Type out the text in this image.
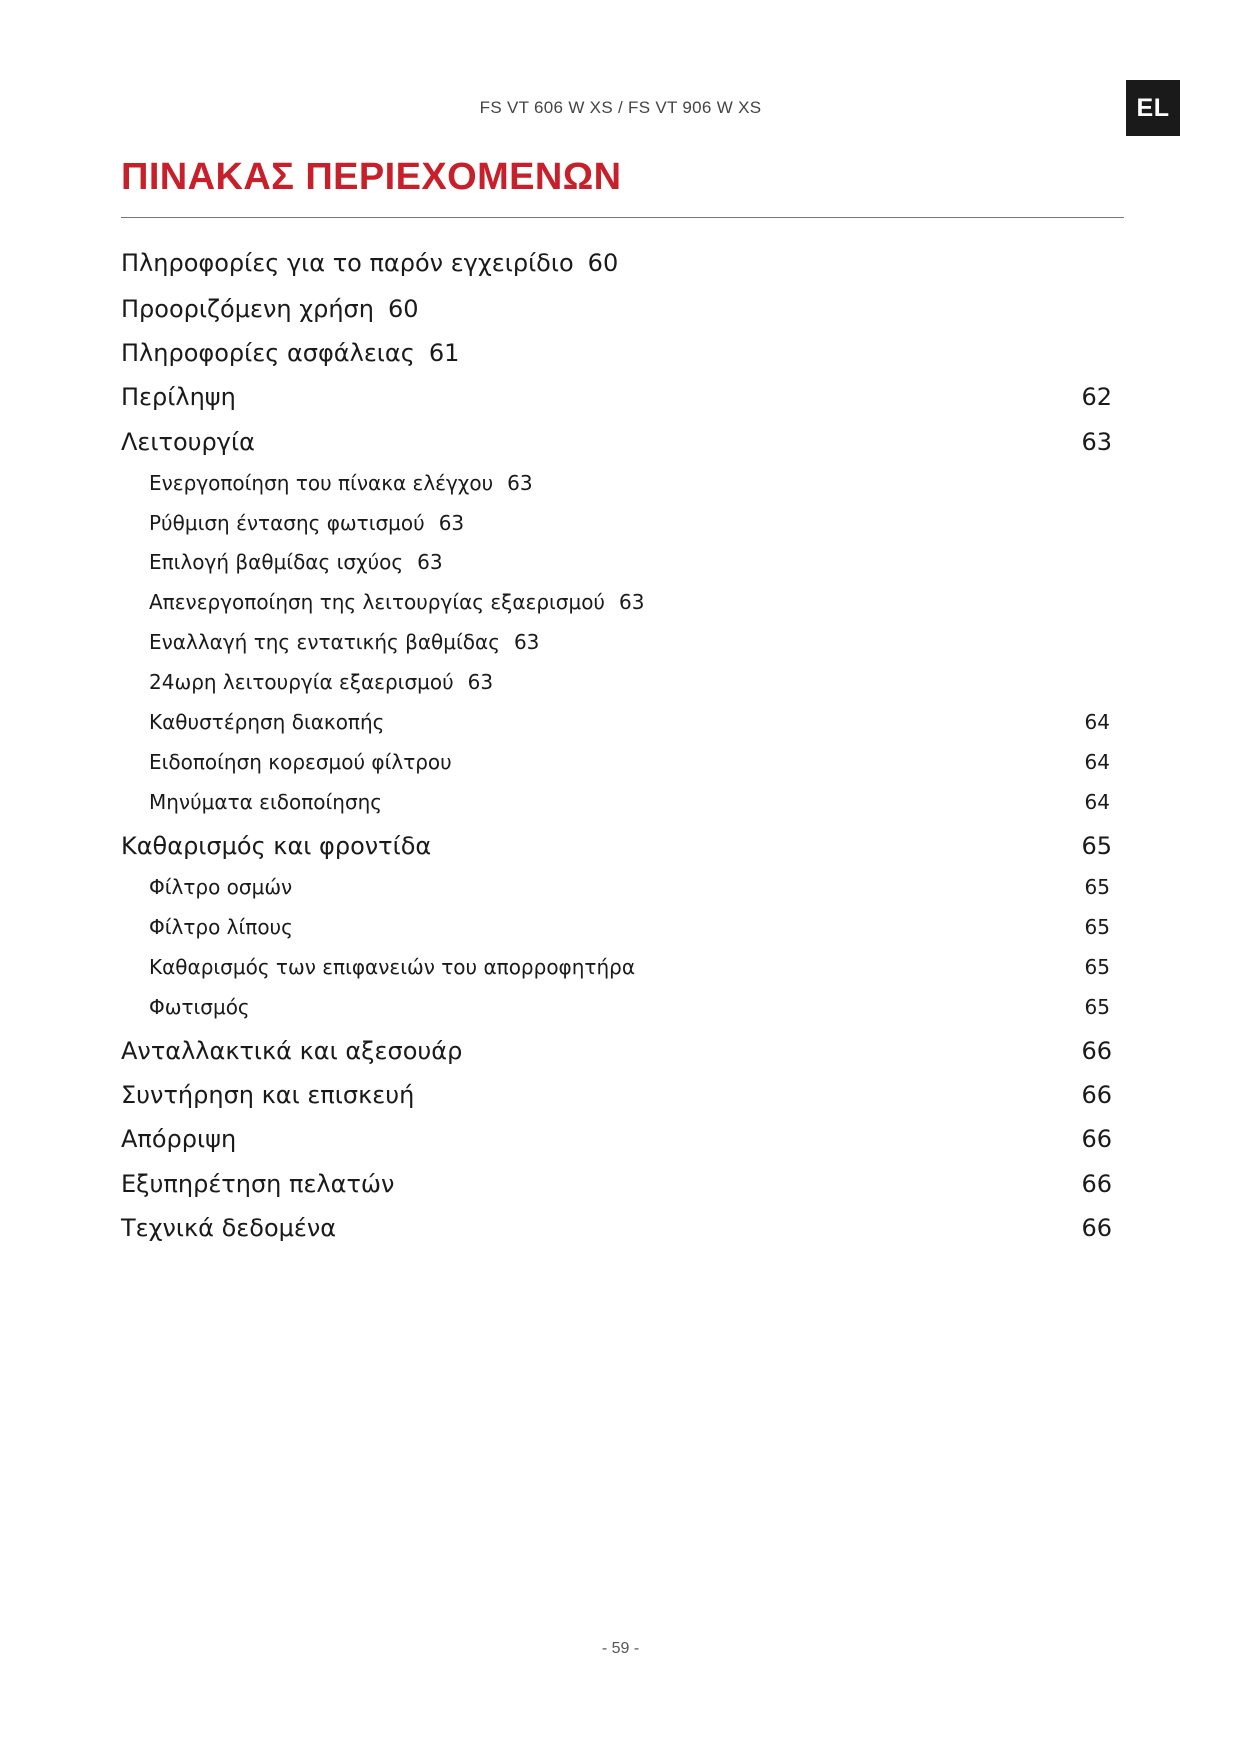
FS VT 606 W XS / FS VT 906 W XS	EL
ΠΙΝΑΚΑΣ ΠΕΡΙΕΧΟΜΕΝΩΝ
Πληροφορίες για το παρόν εγχειρίδιο 60
Προοριζόμενη χρήση 60
Πληροφορίες ασφάλειας 61
Περίληψη	62
Λειτουργία	63
Ενεργοποίηση του πίνακα ελέγχου 63
Ρύθμιση έντασης φωτισμού 63
Επιλογή βαθμίδας ισχύος 63
Απενεργοποίηση της λειτουργίας εξαερισμού 63
Εναλλαγή της εντατικής βαθμίδας 63
24ωρη λειτουργία εξαερισμού 63
Καθυστέρηση διακοπής	64
Ειδοποίηση κορεσμού φίλτρου	64
Μηνύματα ειδοποίησης	64
Καθαρισμός και φροντίδα	65
Φίλτρο οσμών	65
Φίλτρο λίπους	65
Καθαρισμός των επιφανειών του απορροφητήρα	65
Φωτισμός	65
Ανταλλακτικά και αξεσουάρ	66
Συντήρηση και επισκευή	66
Απόρριψη	66
Εξυπηρέτηση πελατών	66
Τεχνικά δεδομένα	66
- 59 -
